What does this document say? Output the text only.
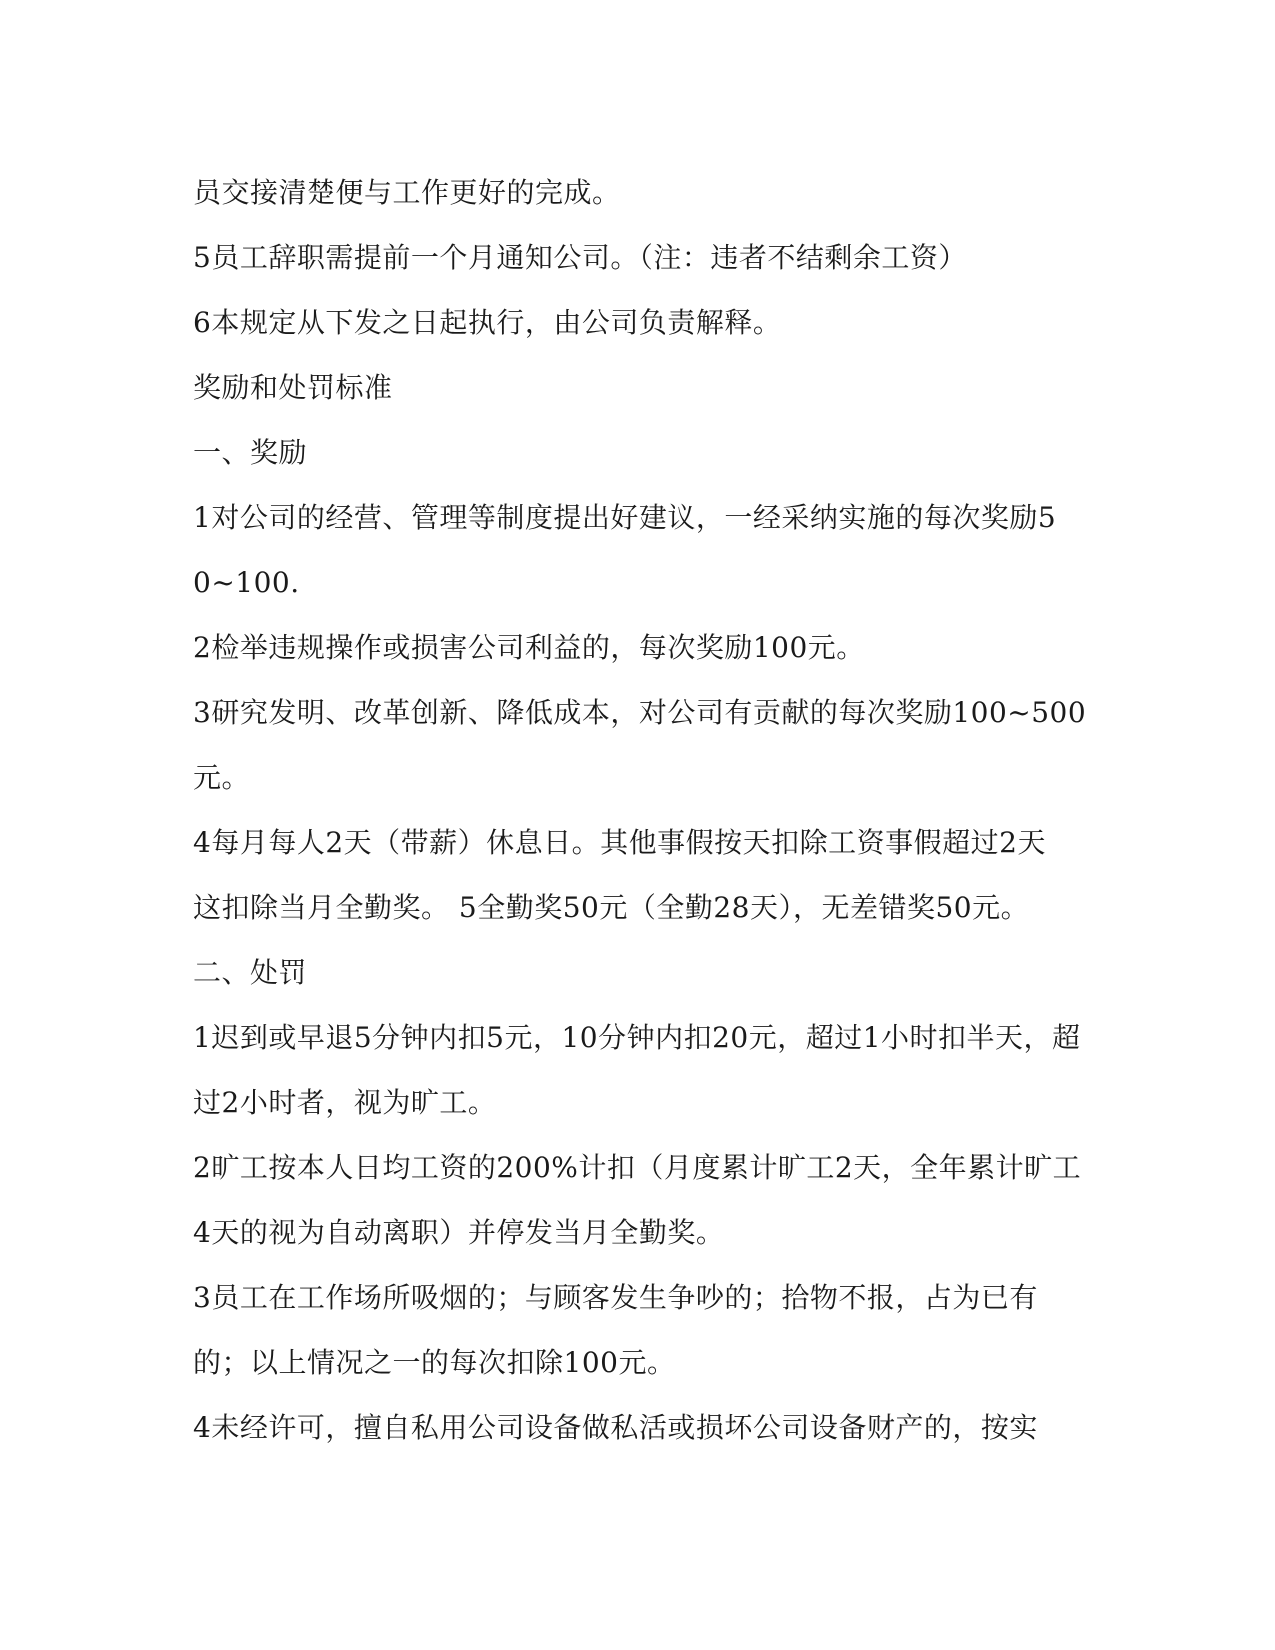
员交接清楚便与工作更好的完成。

5员工辞职需提前一个月通知公司。（注：违者不结剩余工资）

6本规定从下发之日起执行，由公司负责解释。

奖励和处罚标准

一、奖励

1对公司的经营、管理等制度提出好建议，一经采纳实施的每次奖励5

0~100.

2检举违规操作或损害公司利益的，每次奖励100元。

3研究发明、改革创新、降低成本，对公司有贡献的每次奖励100~500

元。

4每月每人2天（带薪）休息日。其他事假按天扣除工资事假超过2天

这扣除当月全勤奖。 5全勤奖50元（全勤28天），无差错奖50元。

二、处罚

1迟到或早退5分钟内扣5元，10分钟内扣20元，超过1小时扣半天，超

过2小时者，视为旷工。

2旷工按本人日均工资的200%计扣（月度累计旷工2天，全年累计旷工

4天的视为自动离职）并停发当月全勤奖。

3员工在工作场所吸烟的；与顾客发生争吵的；拾物不报，占为已有

的；以上情况之一的每次扣除100元。

4未经许可，擅自私用公司设备做私活或损坏公司设备财产的，按实
